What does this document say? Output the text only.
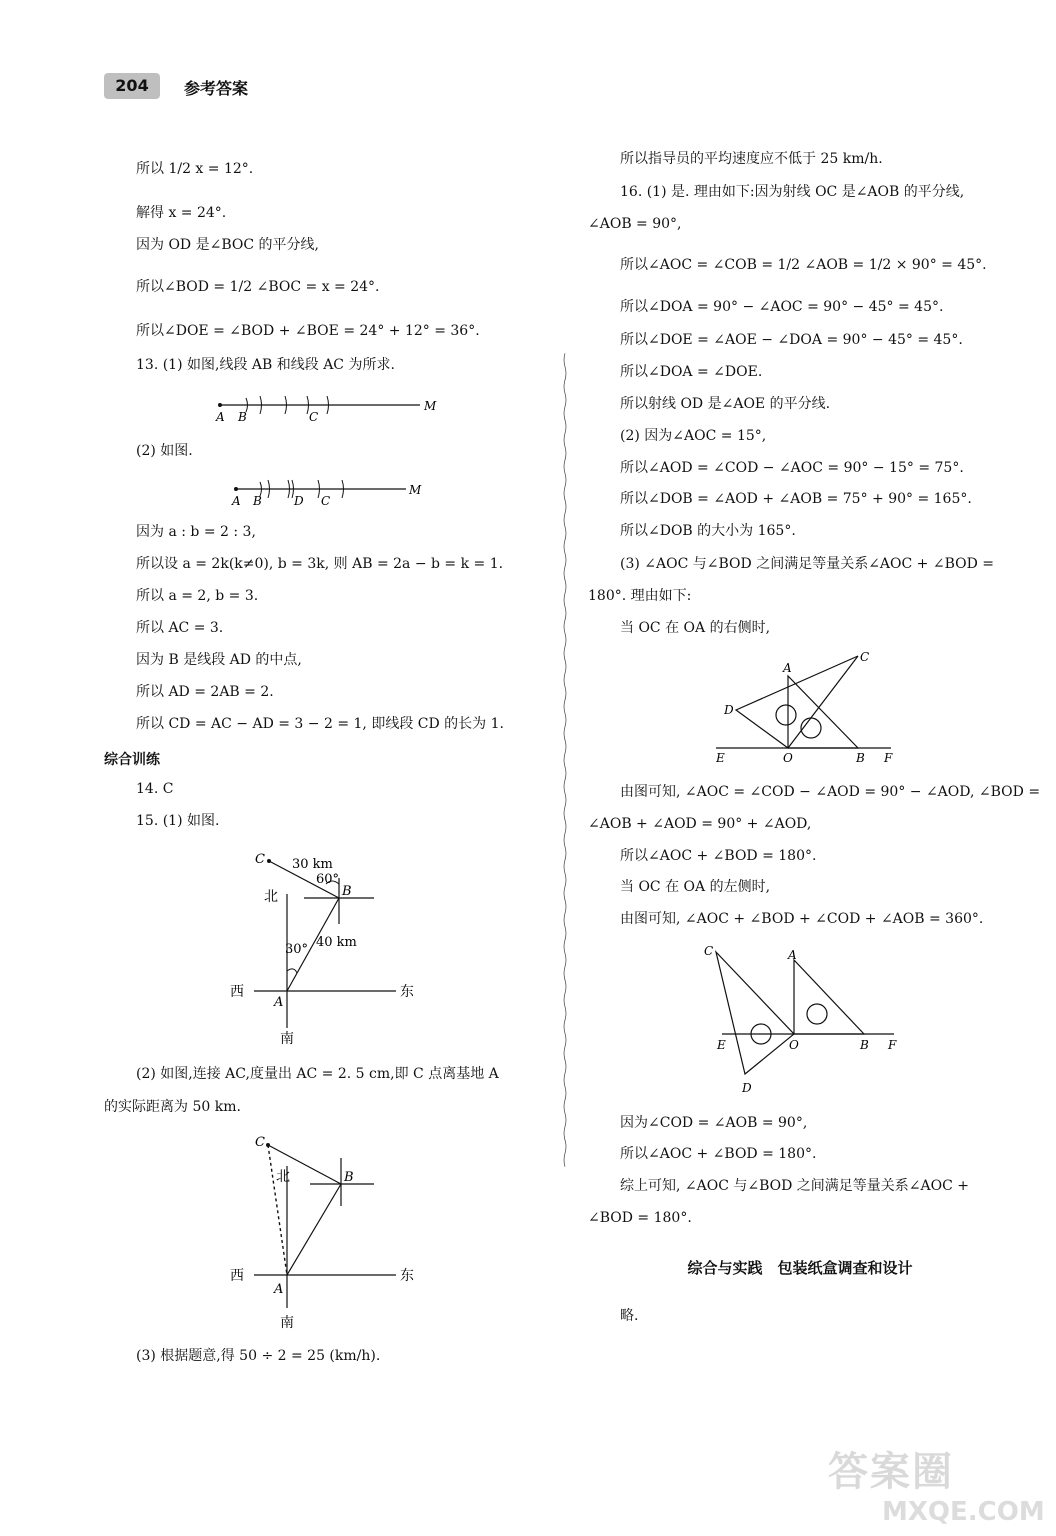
204	参考答案
所以 1/2 x = 12°.
解得 x = 24°.
因为 OD 是∠BOC 的平分线,
所以∠BOD = 1/2 ∠BOC = x = 24°.
所以∠DOE = ∠BOD + ∠BOE = 24° + 12° = 36°.
13. (1) 如图,线段 AB 和线段 AC 为所求.
A B	C
M
(2) 如图.
A B	D C
M
因为 a : b = 2 : 3,
所以设 a = 2k(k≠0), b = 3k, 则 AB = 2a − b = k = 1.
所以 a = 2, b = 3.
所以 AC = 3.
因为 B 是线段 AD 的中点,
所以 AD = 2AB = 2.
所以 CD = AC − AD = 3 − 2 = 1, 即线段 CD 的长为 1.
综合训练
14. C
15. (1) 如图.
C 30 km
60°
B
北
30° 40 km
西	东
A
南
(2) 如图,连接 AC,度量出 AC = 2. 5 cm,即 C 点离基地 A
的实际距离为 50 km.
C
B
北
西	东
A
南
(3) 根据题意,得 50 ÷ 2 = 25 (km/h).
所以指导员的平均速度应不低于 25 km/h.
16. (1) 是. 理由如下:因为射线 OC 是∠AOB 的平分线,
∠AOB = 90°,
所以∠AOC = ∠COB = 1/2 ∠AOB = 1/2 × 90° = 45°.
所以∠DOA = 90° − ∠AOC = 90° − 45° = 45°.
所以∠DOE = ∠AOE − ∠DOA = 90° − 45° = 45°.
所以∠DOA = ∠DOE.
所以射线 OD 是∠AOE 的平分线.
(2) 因为∠AOC = 15°,
所以∠AOD = ∠COD − ∠AOC = 90° − 15° = 75°.
所以∠DOB = ∠AOD + ∠AOB = 75° + 90° = 165°.
所以∠DOB 的大小为 165°.
(3) ∠AOC 与∠BOD 之间满足等量关系∠AOC + ∠BOD =
180°. 理由如下:
当 OC 在 OA 的右侧时,
A
C
D
E	O	B F
由图可知, ∠AOC = ∠COD − ∠AOD = 90° − ∠AOD, ∠BOD =
∠AOB + ∠AOD = 90° + ∠AOD,
所以∠AOC + ∠BOD = 180°.
当 OC 在 OA 的左侧时,
由图可知, ∠AOC + ∠BOD + ∠COD + ∠AOB = 360°.
C	A
E	O	B F
D
因为∠COD = ∠AOB = 90°,
所以∠AOC + ∠BOD = 180°.
综上可知, ∠AOC 与∠BOD 之间满足等量关系∠AOC +
∠BOD = 180°.
综合与实践　包装纸盒调查和设计
略.
答案圈
MXQE.COM
